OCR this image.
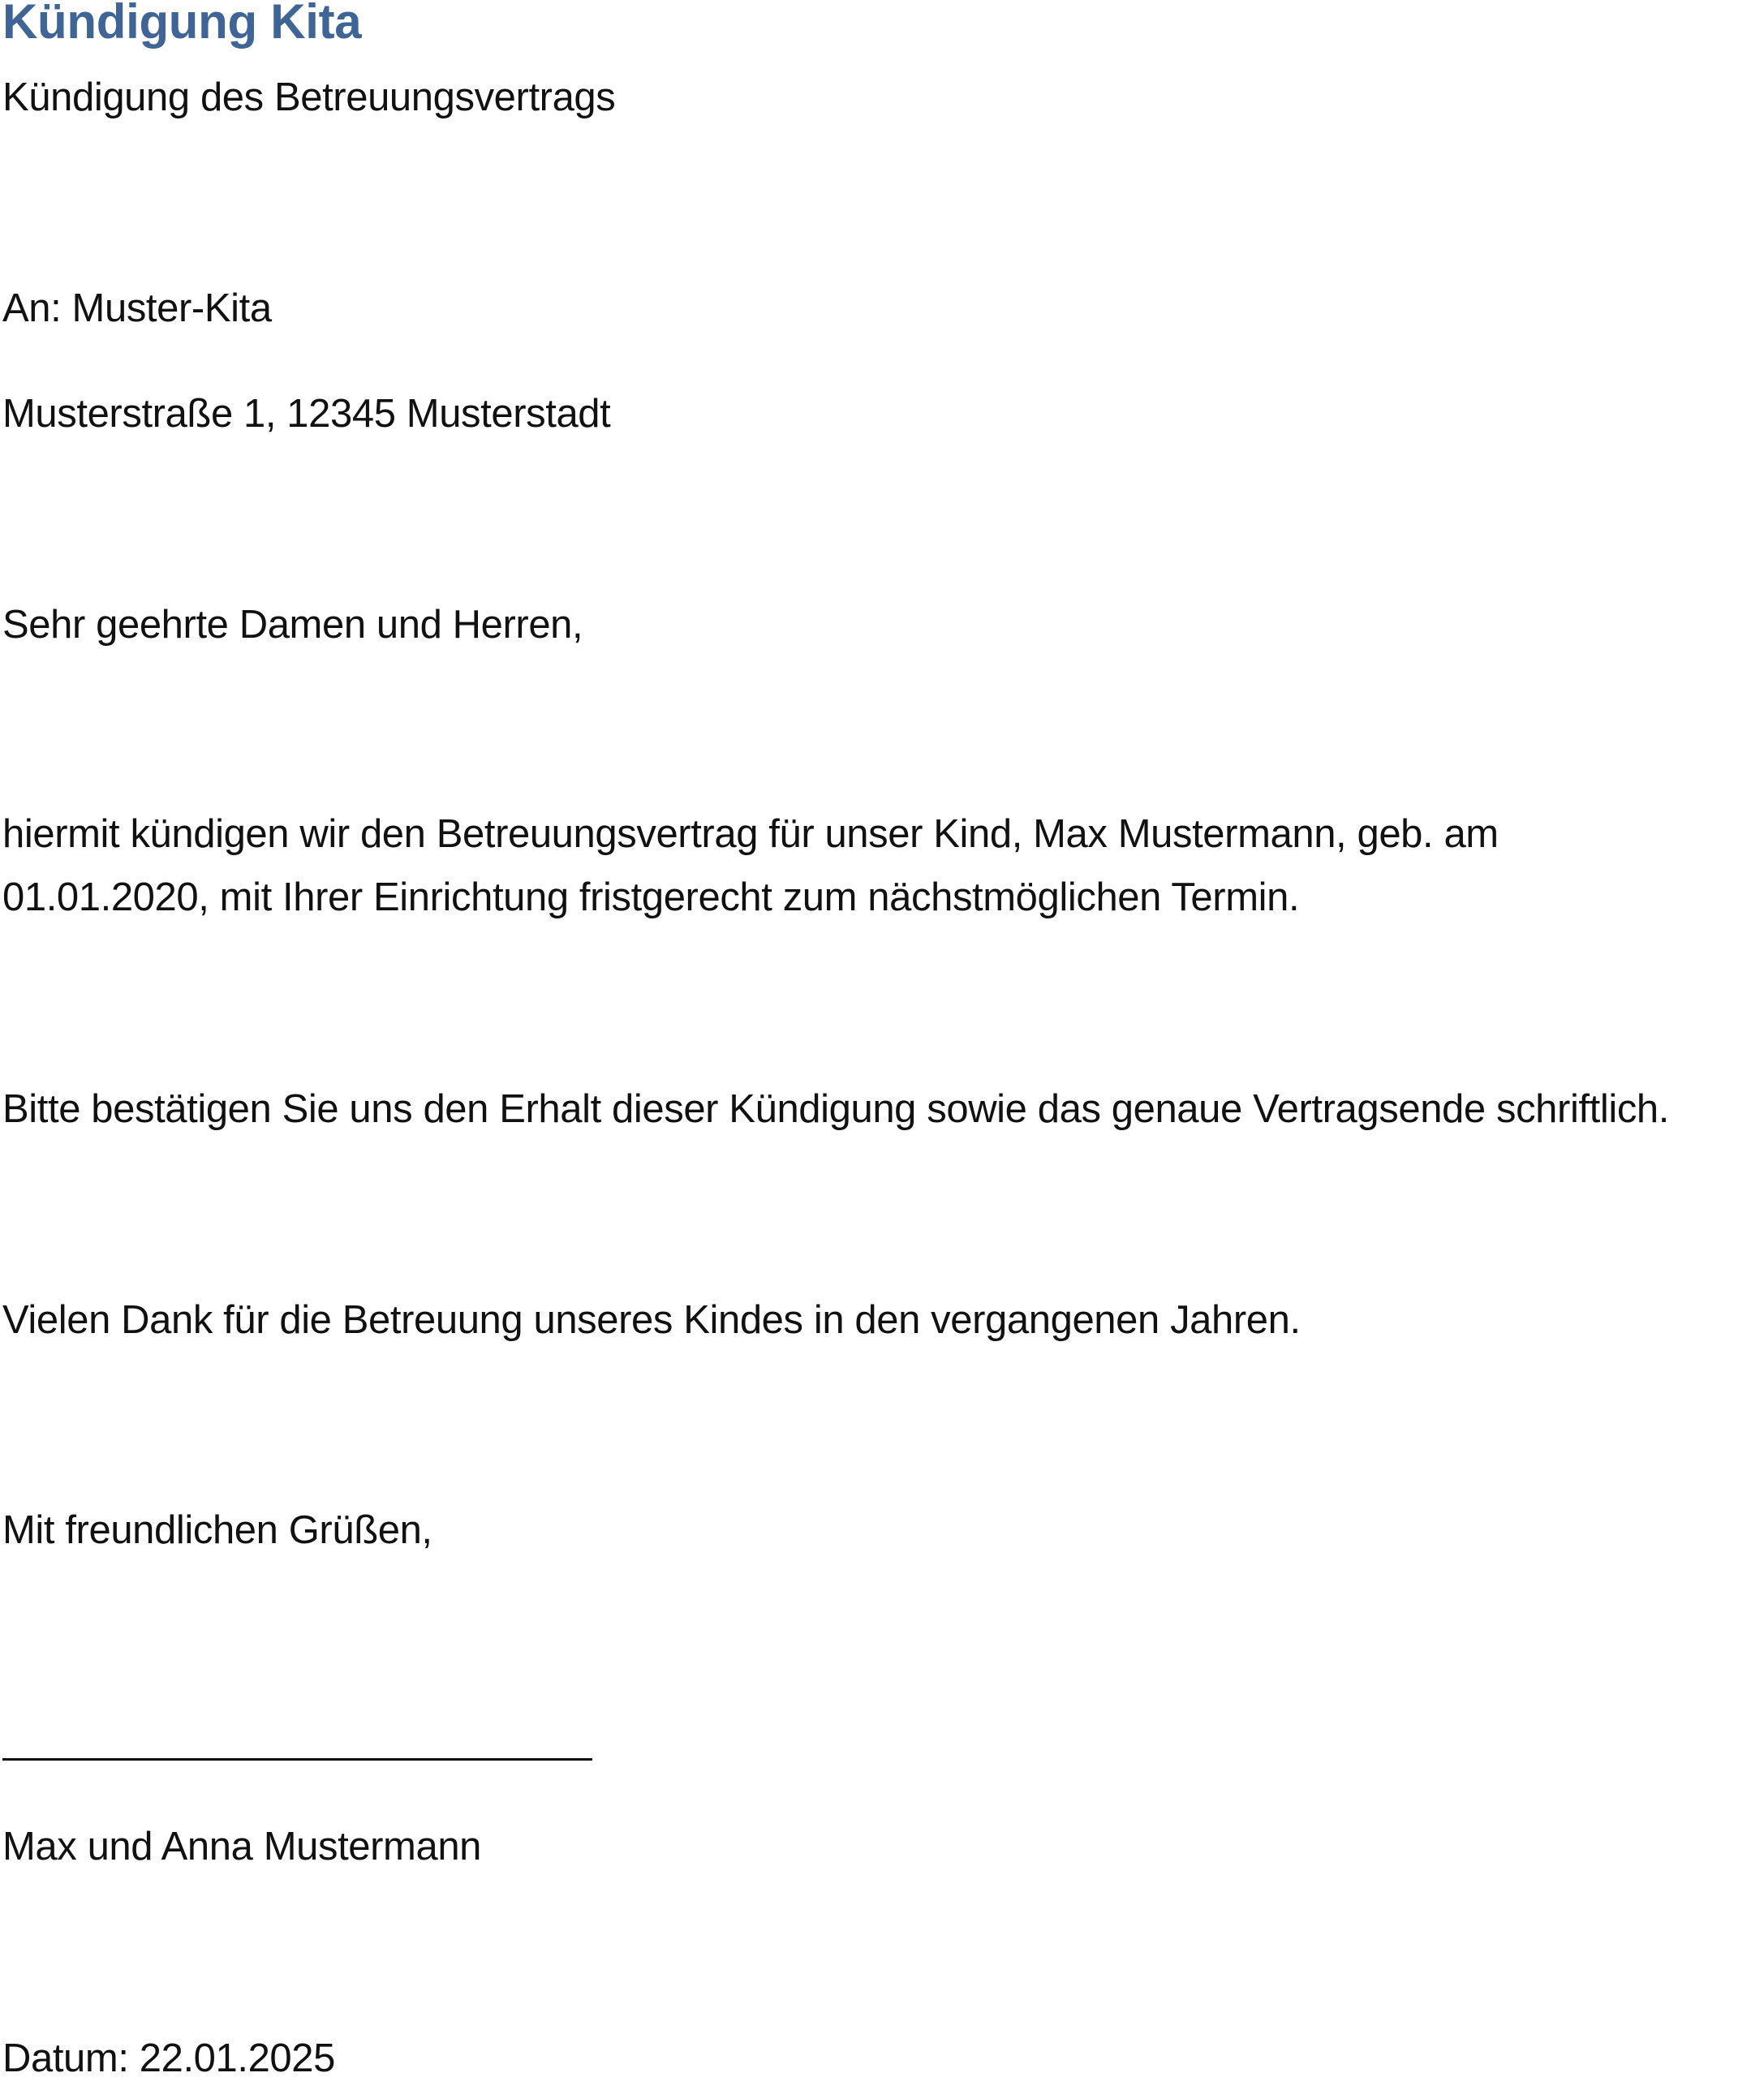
Kündigung Kita

Kündigung des Betreuungsvertrags

An: Muster-Kita

Musterstraße 1, 12345 Musterstadt

Sehr geehrte Damen und Herren,

hiermit kündigen wir den Betreuungsvertrag für unser Kind, Max Mustermann, geb. am

01.01.2020, mit Ihrer Einrichtung fristgerecht zum nächstmöglichen Termin.

Bitte bestätigen Sie uns den Erhalt dieser Kündigung sowie das genaue Vertragsende schriftlich.

Vielen Dank für die Betreuung unseres Kindes in den vergangenen Jahren.

Mit freundlichen Grüßen,

Max und Anna Mustermann

Datum: 22.01.2025
